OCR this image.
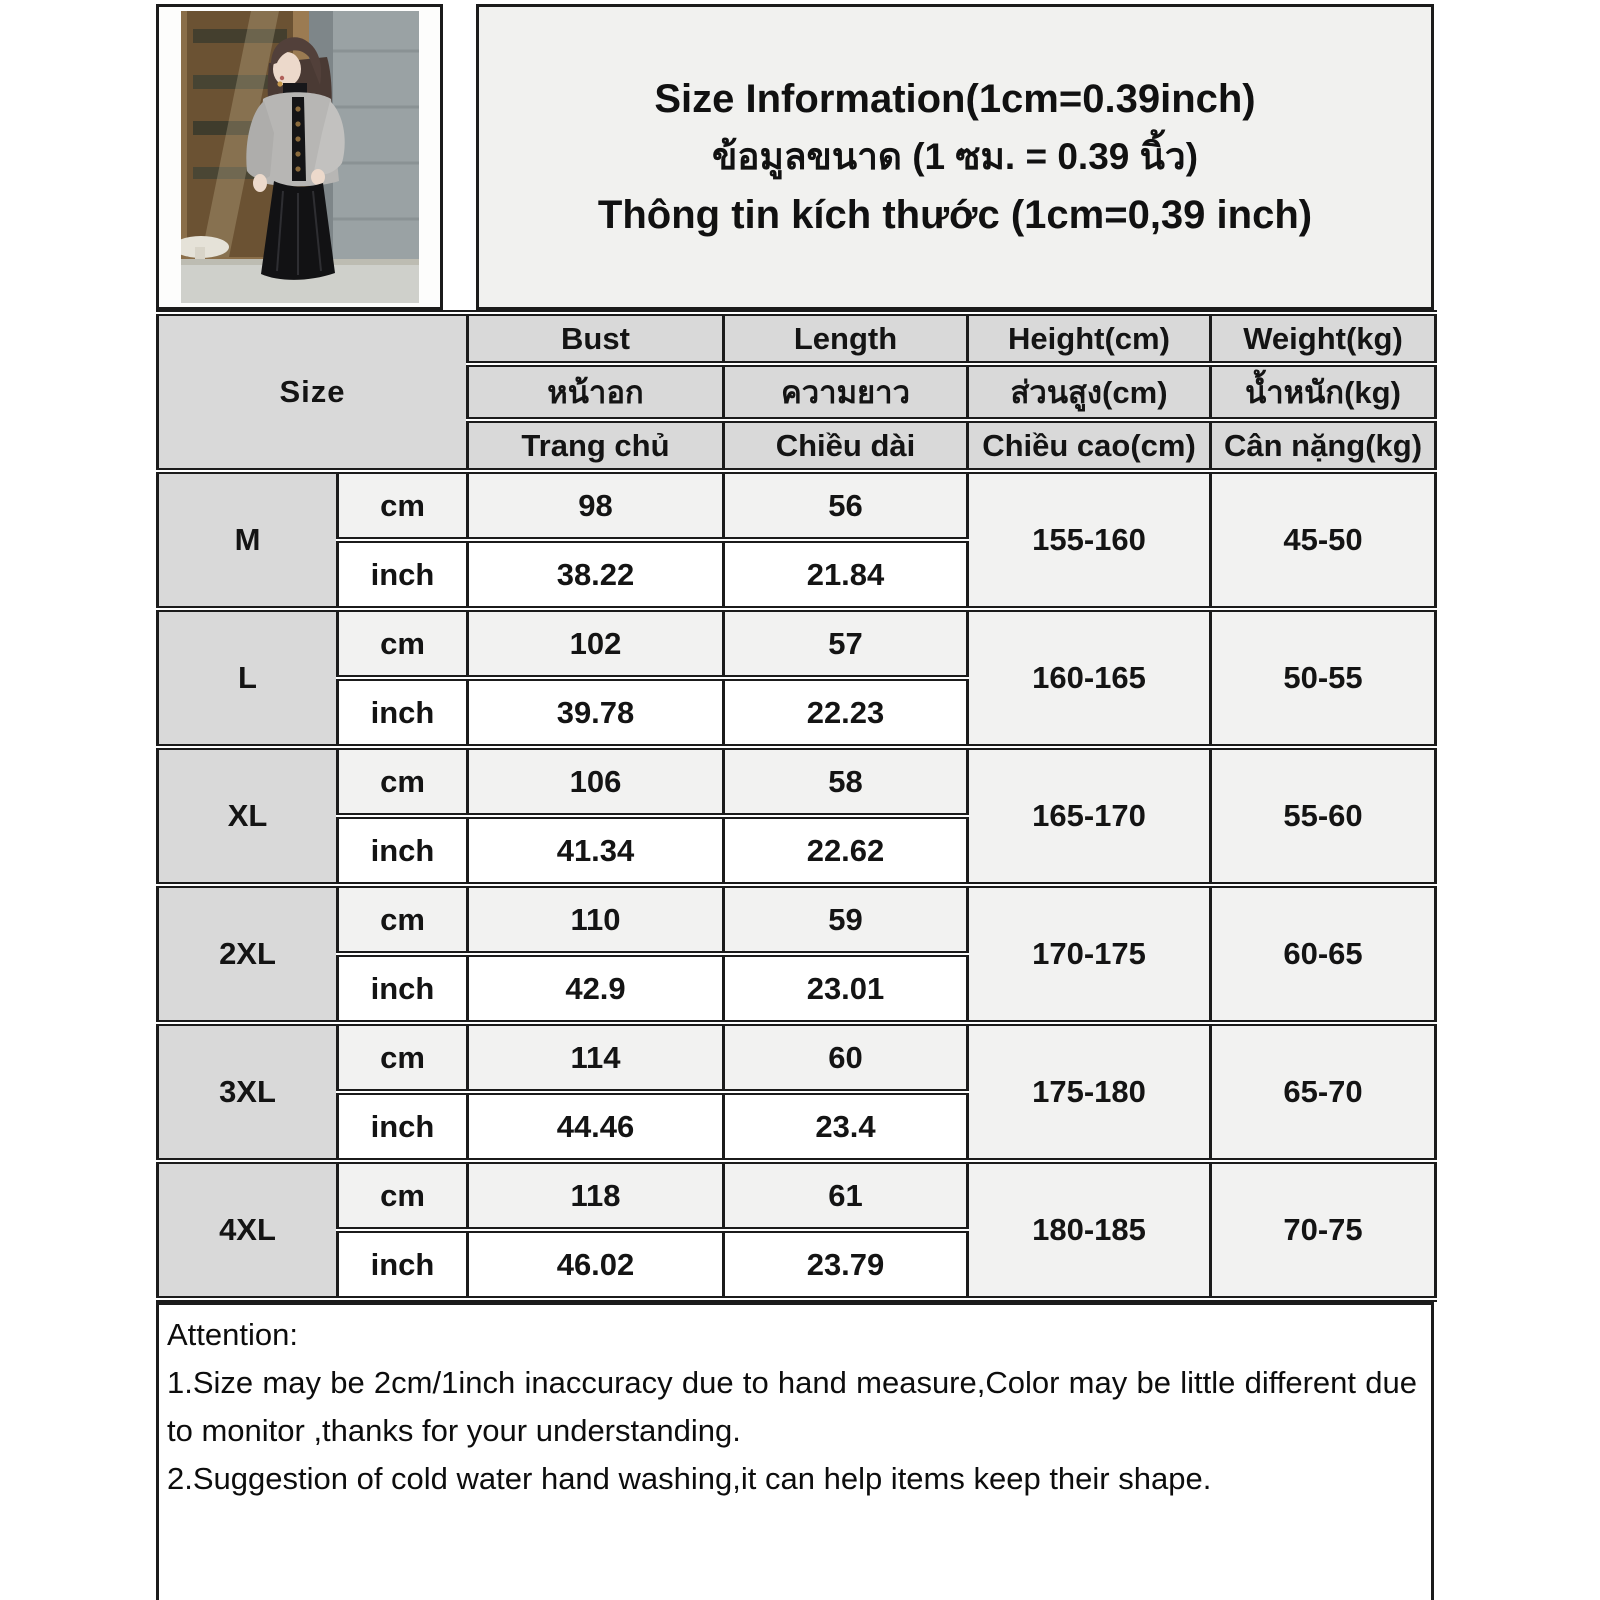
Size Information(1cm=0.39inch)
ข้อมูลขนาด (1 ซม. = 0.39 นิ้ว)
Thông tin kích thước (1cm=0,39 inch)
Size		Bust	Length	Height(cm)	Weight(kg)
		หน้าอก	ความยาว	ส่วนสูง(cm)	น้ำหนัก(kg)
		Trang chủ	Chiều dài	Chiều cao(cm)	Cân nặng(kg)
M	cm	98	56	155-160	45-50
	inch	38.22	21.84		
L	cm	102	57	160-165	50-55
	inch	39.78	22.23		
XL	cm	106	58	165-170	55-60
	inch	41.34	22.62		
2XL	cm	110	59	170-175	60-65
	inch	42.9	23.01		
3XL	cm	114	60	175-180	65-70
	inch	44.46	23.4		
4XL	cm	118	61	180-185	70-75
	inch	46.02	23.79		
Attention:
1.Size may be 2cm/1inch inaccuracy due to hand measure,Color may be little different due to monitor ,thanks for your understanding.
2.Suggestion of cold water hand washing,it can help items keep their shape.
